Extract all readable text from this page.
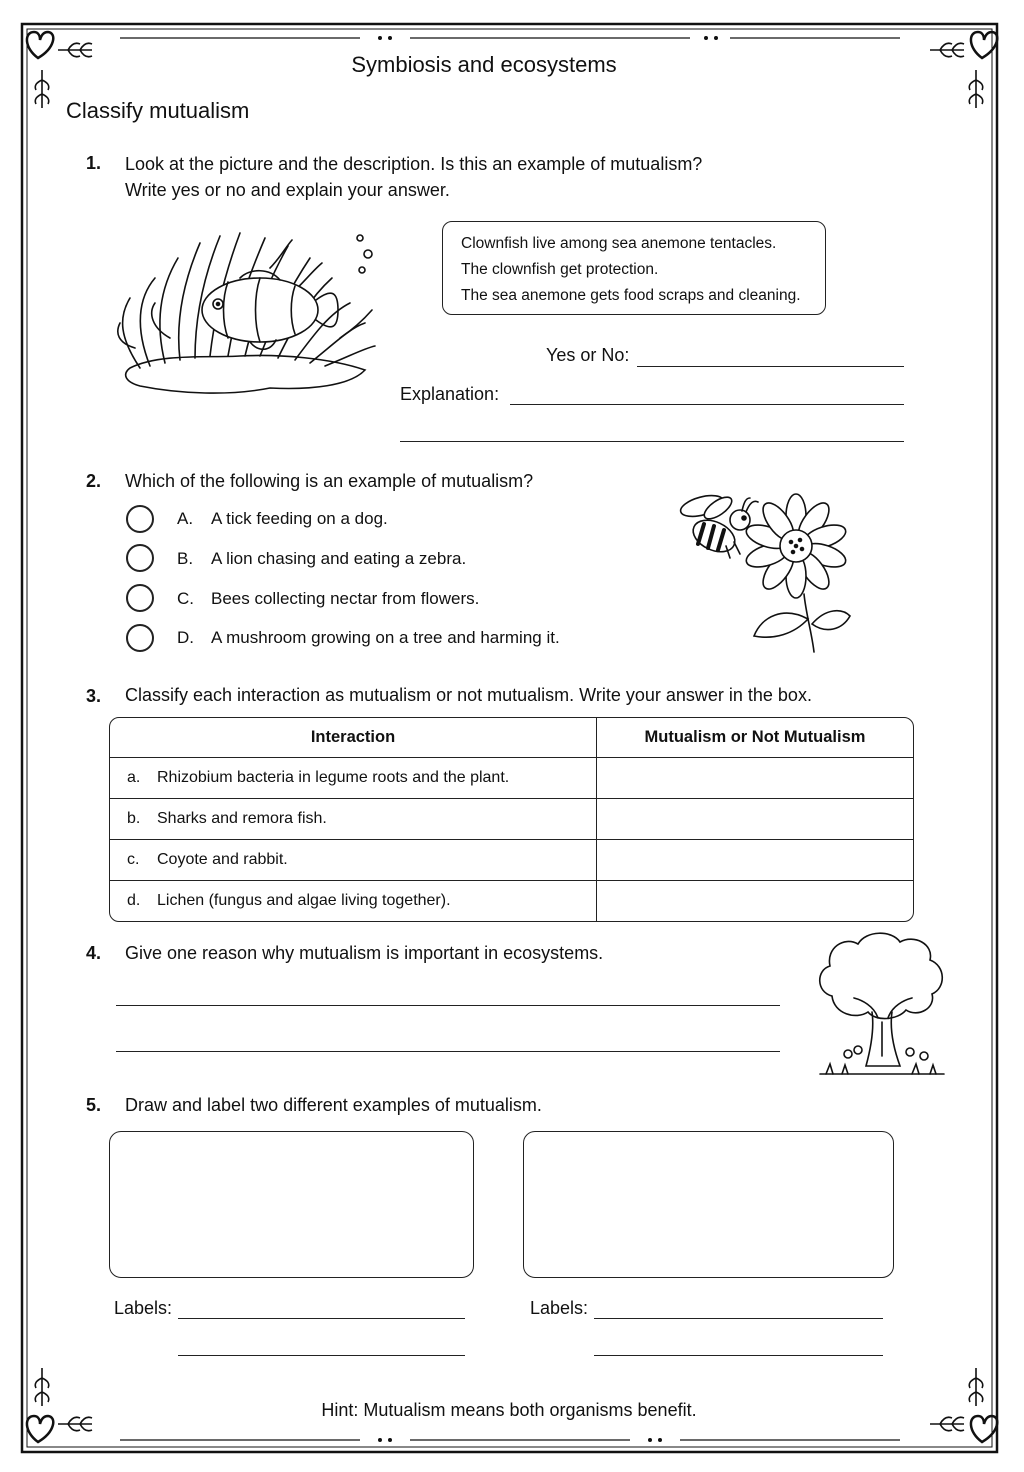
Symbiosis and ecosystems
Classify mutualism
1. Look at the picture and the description. Is this an example of mutualism?
Write yes or no and explain your answer.
Clownfish live among sea anemone tentacles.
The clownfish get protection.
The sea anemone gets food scraps and cleaning.
Yes or No:
Explanation:
2. Which of the following is an example of mutualism?
A. A tick feeding on a dog.
B. A lion chasing and eating a zebra.
C. Bees collecting nectar from flowers.
D. A mushroom growing on a tree and harming it.
3. Classify each interaction as mutualism or not mutualism. Write your answer in the box.
Interaction	Mutualism or Not Mutualism
a. Rhizobium bacteria in legume roots and the plant.	
b. Sharks and remora fish.	
c. Coyote and rabbit.	
d. Lichen (fungus and algae living together).	
4. Give one reason why mutualism is important in ecosystems.
5. Draw and label two different examples of mutualism.
Labels:	Labels:
Hint: Mutualism means both organisms benefit.
